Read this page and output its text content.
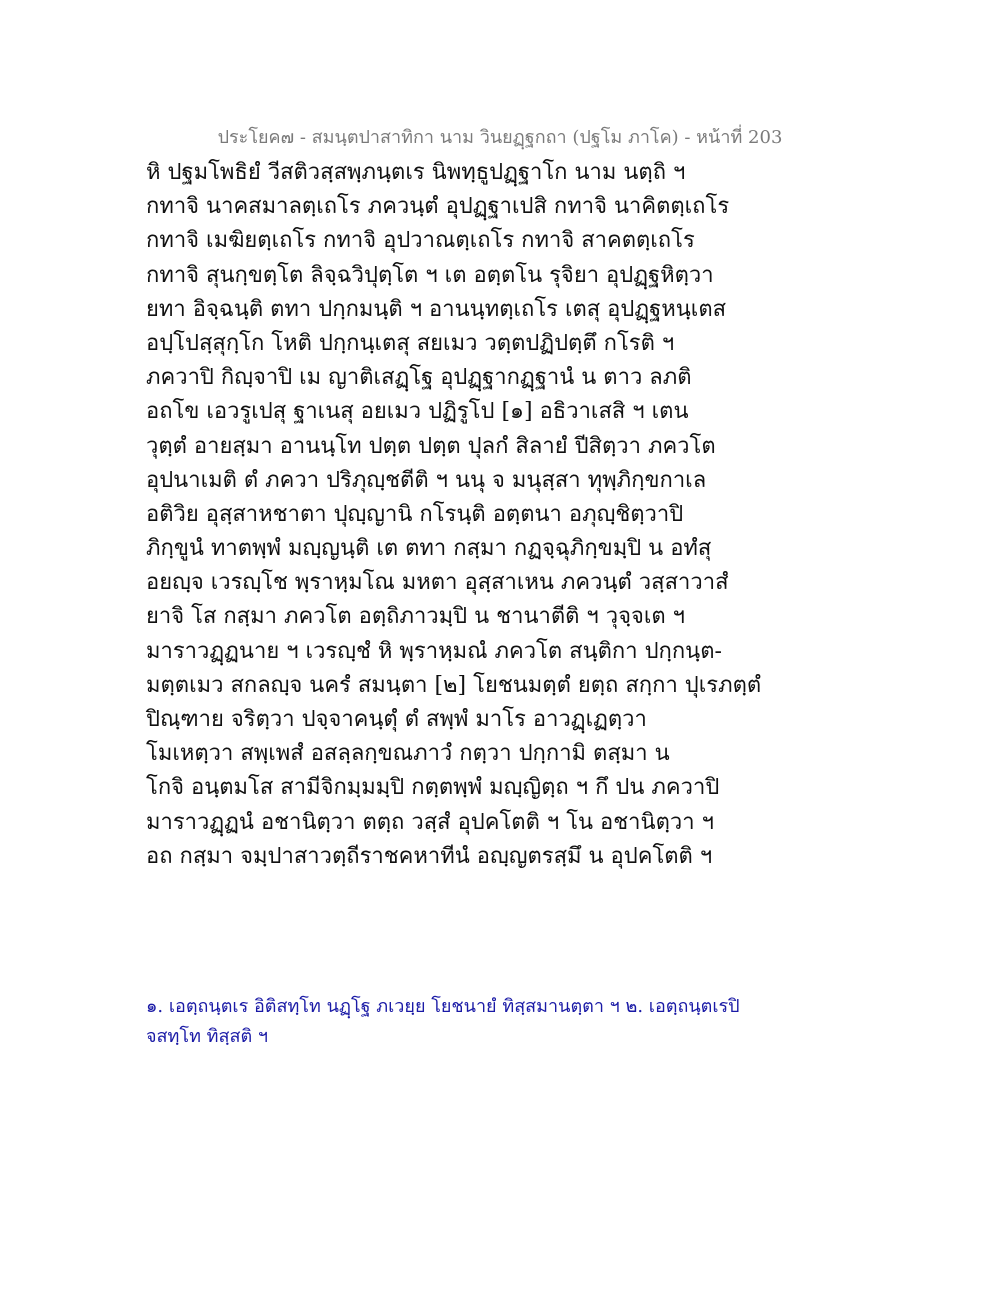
ประโยค๗ - สมนฺตปาสาทิกา นาม วินยฏฺฐกถา (ปฐโม ภาโค) - หน้าที่ 203
หิ ปฐมโพธิยํ วีสติวสฺสพฺภนฺตเร นิพทฺธูปฏฺฐาโก นาม นตฺถิ ฯ
กทาจิ นาคสมาลตฺเถโร ภควนฺตํ อุปฏฺฐาเปสิ กทาจิ นาคิตตฺเถโร
กทาจิ เมฆิยตฺเถโร กทาจิ อุปวาณตฺเถโร กทาจิ สาคตตฺเถโร
กทาจิ สุนกฺขตฺโต ลิจฺฉวิปุตฺโต ฯ เต อตฺตโน รุจิยา อุปฏฺฐหิตฺวา
ยทา อิจฺฉนฺติ ตทา ปกฺกมนฺติ ฯ อานนฺทตฺเถโร เตสุ อุปฏฺฐหนฺเตส
อปฺโปสฺสุกฺโก โหติ ปกฺกนฺเตสุ สยเมว วตฺตปฏิปตฺตึ กโรติ ฯ
ภควาปิ กิญฺจาปิ เม ญาติเสฏฺโฐ อุปฏฺฐากฏฺฐานํ น ตาว ลภติ
อถโข เอวรูเปสุ ฐาเนสุ อยเมว ปฏิรูโป [๑] อธิวาเสสิ ฯ เตน
วุตฺตํ อายสฺมา อานนฺโท ปตฺต ปตฺต ปุลกํ สิลายํ ปีสิตฺวา ภควโต
อุปนาเมติ ตํ ภควา ปริภุญฺชตีติ ฯ นนุ จ มนุสฺสา ทุพฺภิกฺขกาเล
อติวิย อุสฺสาหชาตา ปุญฺญานิ กโรนฺติ อตฺตนา อภุญฺชิตฺวาปิ
ภิกฺขูนํ ทาตพฺพํ มญฺญนฺติ เต ตทา กสฺมา กฏจฺฉุภิกฺขมฺปิ น อทํสุ
อยญฺจ เวรญฺโช พฺราหฺมโณ มหตา อุสฺสาเหน ภควนฺตํ วสฺสาวาสํ
ยาจิ โส กสฺมา ภควโต อตฺถิภาวมฺปิ น ชานาตีติ ฯ วุจฺจเต ฯ
มาราวฏฺฏนาย ฯ เวรญฺชํ หิ พฺราหฺมณํ ภควโต สนฺติกา ปกฺกนฺต-
มตฺตเมว สกลญฺจ นครํ สมนฺตา [๒] โยชนมตฺตํ ยตฺถ สกฺกา ปุเรภตฺตํ
ปิณฺฑาย จริตฺวา ปจฺจาคนฺตุํ ตํ สพฺพํ มาโร อาวฏฺเฏตฺวา
โมเหตฺวา สพฺเพสํ อสลฺลกฺขณภาวํ กตฺวา ปกฺกามิ ตสฺมา น
โกจิ อนฺตมโส สามีจิกมฺมมฺปิ กตฺตพฺพํ มญฺญิตฺถ ฯ กึ ปน ภควาปิ
มาราวฏฺฏนํ อชานิตฺวา ตตฺถ วสฺสํ อุปคโตติ ฯ โน อชานิตฺวา ฯ
อถ กสฺมา จมฺปาสาวตฺถีราชคหาทีนํ อญฺญตรสฺมึ น อุปคโตติ ฯ
๑. เอตฺถนฺตเร อิติสทฺโท นฏฺโฐ ภเวยฺย โยชนายํ ทิสฺสมานตฺตา ฯ ๒. เอตฺถนฺตเรปิ
จสทฺโท ทิสฺสติ ฯ
